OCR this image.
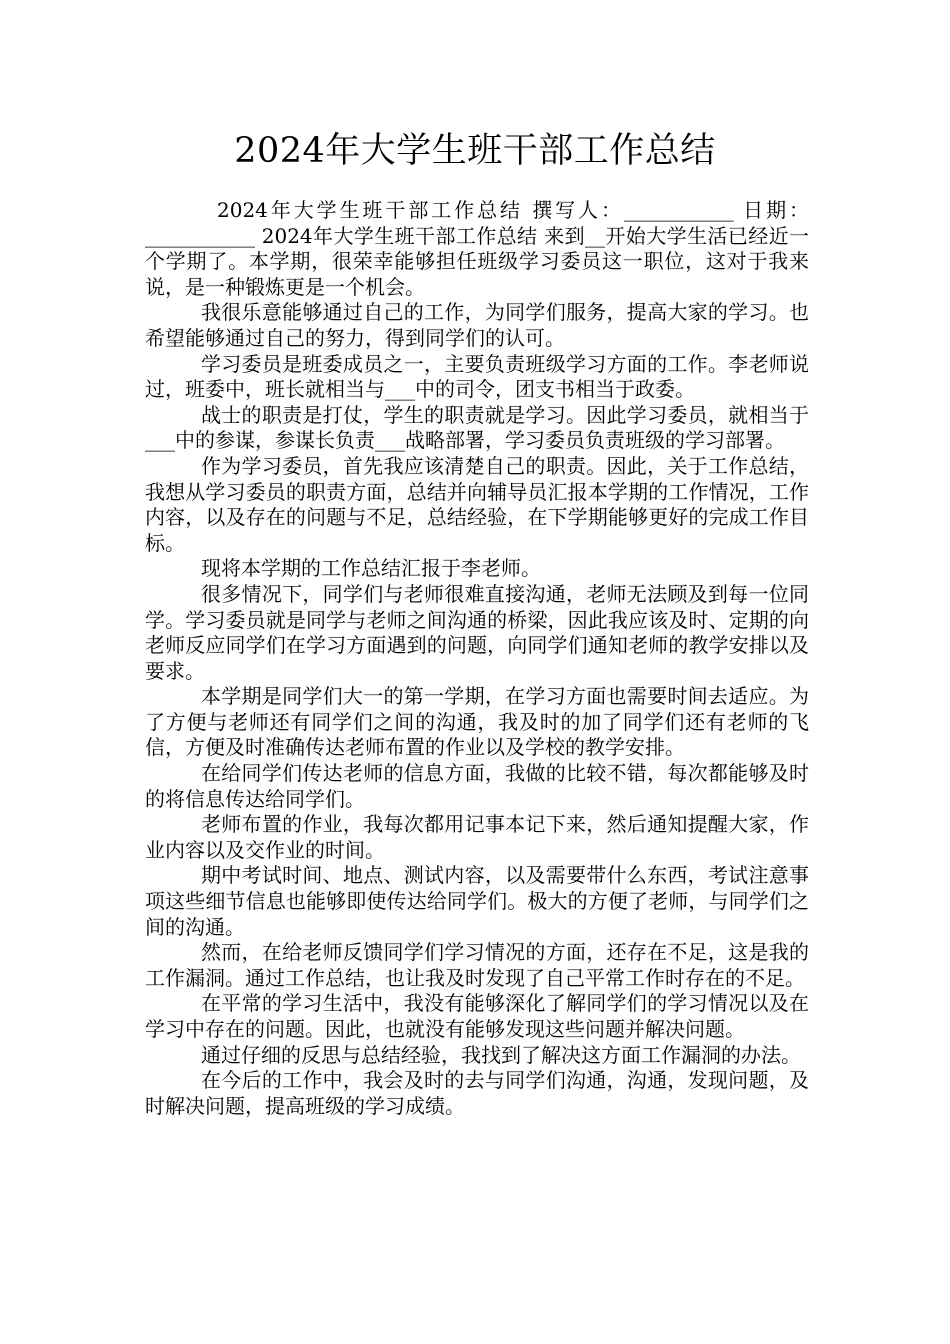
2024年大学生班干部工作总结

2024年大学生班干部工作总结 撰写人：___________ 日期：___________ 2024年大学生班干部工作总结 来到__开始大学生活已经近一个学期了。本学期，很荣幸能够担任班级学习委员这一职位，这对于我来说，是一种锻炼更是一个机会。

我很乐意能够通过自己的工作，为同学们服务，提高大家的学习。也希望能够通过自己的努力，得到同学们的认可。

学习委员是班委成员之一，主要负责班级学习方面的工作。李老师说过，班委中，班长就相当与___中的司令，团支书相当于政委。

战士的职责是打仗，学生的职责就是学习。因此学习委员，就相当于___中的参谋，参谋长负责___战略部署，学习委员负责班级的学习部署。

作为学习委员，首先我应该清楚自己的职责。因此，关于工作总结，我想从学习委员的职责方面，总结并向辅导员汇报本学期的工作情况，工作内容，以及存在的问题与不足，总结经验，在下学期能够更好的完成工作目标。

现将本学期的工作总结汇报于李老师。

很多情况下，同学们与老师很难直接沟通，老师无法顾及到每一位同学。学习委员就是同学与老师之间沟通的桥梁，因此我应该及时、定期的向老师反应同学们在学习方面遇到的问题，向同学们通知老师的教学安排以及要求。

本学期是同学们大一的第一学期，在学习方面也需要时间去适应。为了方便与老师还有同学们之间的沟通，我及时的加了同学们还有老师的飞信，方便及时准确传达老师布置的作业以及学校的教学安排。

在给同学们传达老师的信息方面，我做的比较不错，每次都能够及时的将信息传达给同学们。

老师布置的作业，我每次都用记事本记下来，然后通知提醒大家，作业内容以及交作业的时间。

期中考试时间、地点、测试内容，以及需要带什么东西，考试注意事项这些细节信息也能够即使传达给同学们。极大的方便了老师，与同学们之间的沟通。

然而，在给老师反馈同学们学习情况的方面，还存在不足，这是我的工作漏洞。通过工作总结，也让我及时发现了自己平常工作时存在的不足。

在平常的学习生活中，我没有能够深化了解同学们的学习情况以及在学习中存在的问题。因此，也就没有能够发现这些问题并解决问题。

通过仔细的反思与总结经验，我找到了解决这方面工作漏洞的办法。

在今后的工作中，我会及时的去与同学们沟通，沟通，发现问题，及时解决问题，提高班级的学习成绩。
